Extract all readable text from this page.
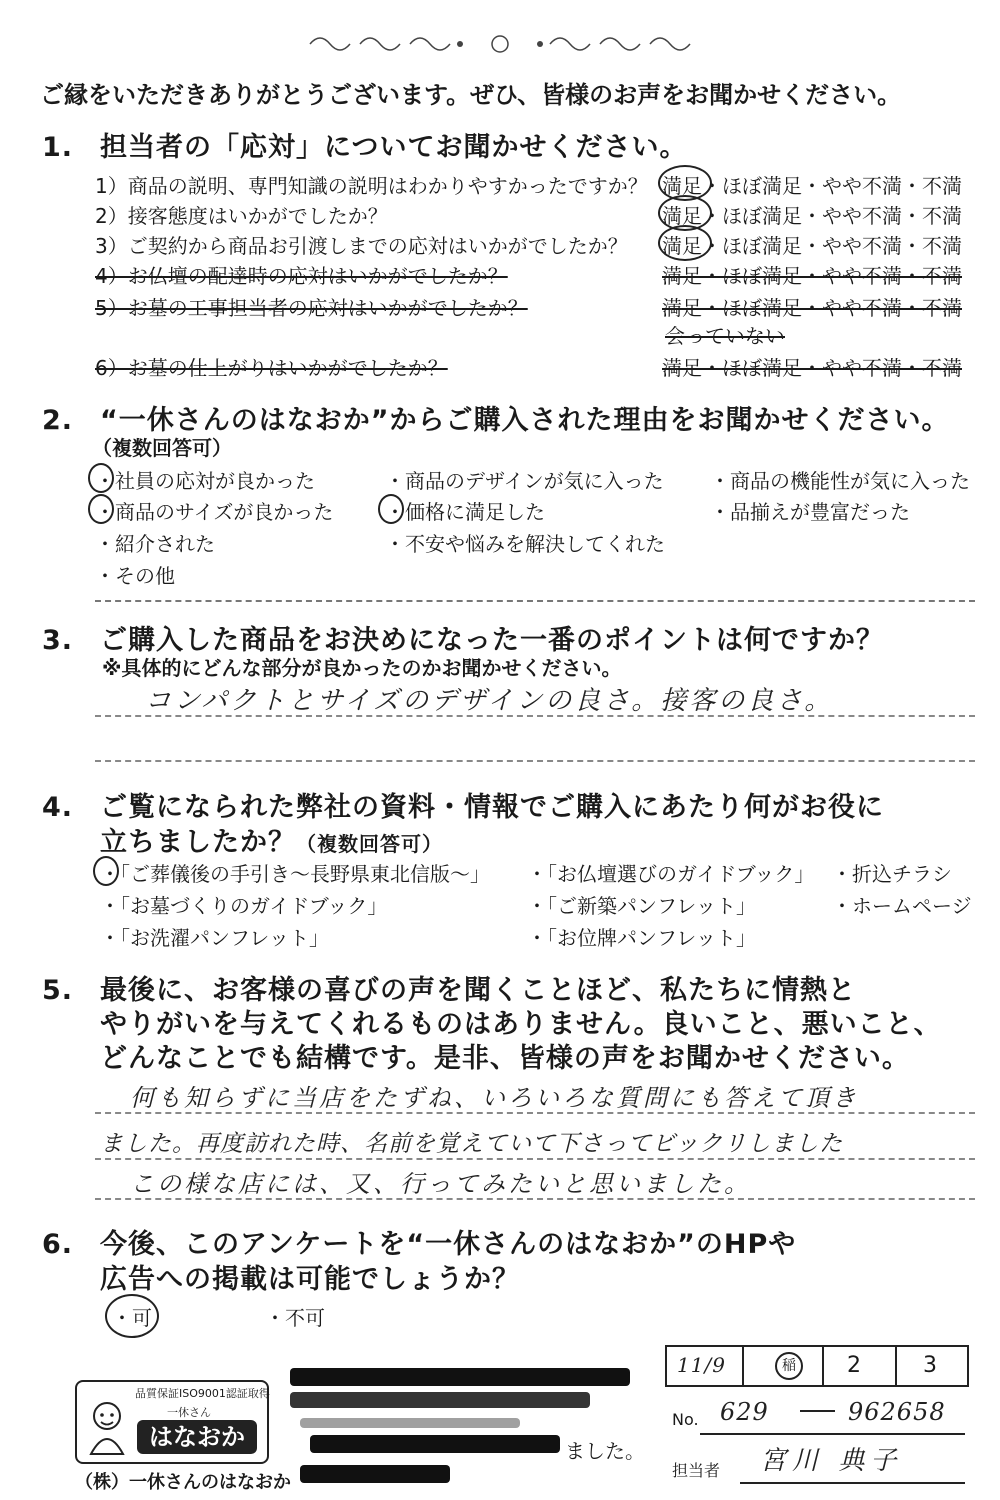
ご縁をいただきありがとうございます。ぜひ、皆様のお声をお聞かせください。
1. 担当者の「応対」についてお聞かせください。
1）商品の説明、専門知識の説明はわかりやすかったですか？ 満足・ほぼ満足・やや不満・不満
2）接客態度はいかがでしたか？	満足・ほぼ満足・やや不満・不満
3）ご契約から商品お引渡しまでの応対はいかがでしたか？ 満足・ほぼ満足・やや不満・不満
4）お仏壇の配達時の応対はいかがでしたか？	満足・ほぼ満足・やや不満・不満
5）お墓の工事担当者の応対はいかがでしたか？	満足・ほぼ満足・やや不満・不満
会っていない
6）お墓の仕上がりはいかがでしたか？	満足・ほぼ満足・やや不満・不満
2. “一休さんのはなおか”からご購入された理由をお聞かせください。
（複数回答可）
・社員の応対が良かった	・商品のデザインが気に入った ・商品の機能性が気に入った
・商品のサイズが良かった	・価格に満足した	・品揃えが豊富だった
・紹介された	・不安や悩みを解決してくれた
・その他
3. ご購入した商品をお決めになった一番のポイントは何ですか？
※具体的にどんな部分が良かったのかお聞かせください。
コンパクトとサイズのデザインの良さ。接客の良さ。
4. ご覧になられた弊社の資料・情報でご購入にあたり何がお役に
立ちましたか？（複数回答可）
・「ご葬儀後の手引き〜長野県東北信版〜」 ・「お仏壇選びのガイドブック」 ・折込チラシ
・「お墓づくりのガイドブック」	・「ご新築パンフレット」	・ホームページ
・「お洗濯パンフレット」	・「お位牌パンフレット」
5. 最後に、お客様の喜びの声を聞くことほど、私たちに情熱と
やりがいを与えてくれるものはありません。良いこと、悪いこと、
どんなことでも結構です。是非、皆様の声をお聞かせください。
何も知らずに当店をたずね、いろいろな質問にも答えて頂き
ました。再度訪れた時、名前を覚えていて下さってビックリしました
この様な店には、又、行ってみたいと思いました。
6. 今後、このアンケートを“一休さんのはなおか”のHPや
広告への掲載は可能でしょうか？
・可	・不可
品質保証ISO9001認証取得
一休さん
はなおか
（株）一休さんのはなおか
ました。
11/9	稲	2	3
No. 629	962658
担当者 宮川 典子
